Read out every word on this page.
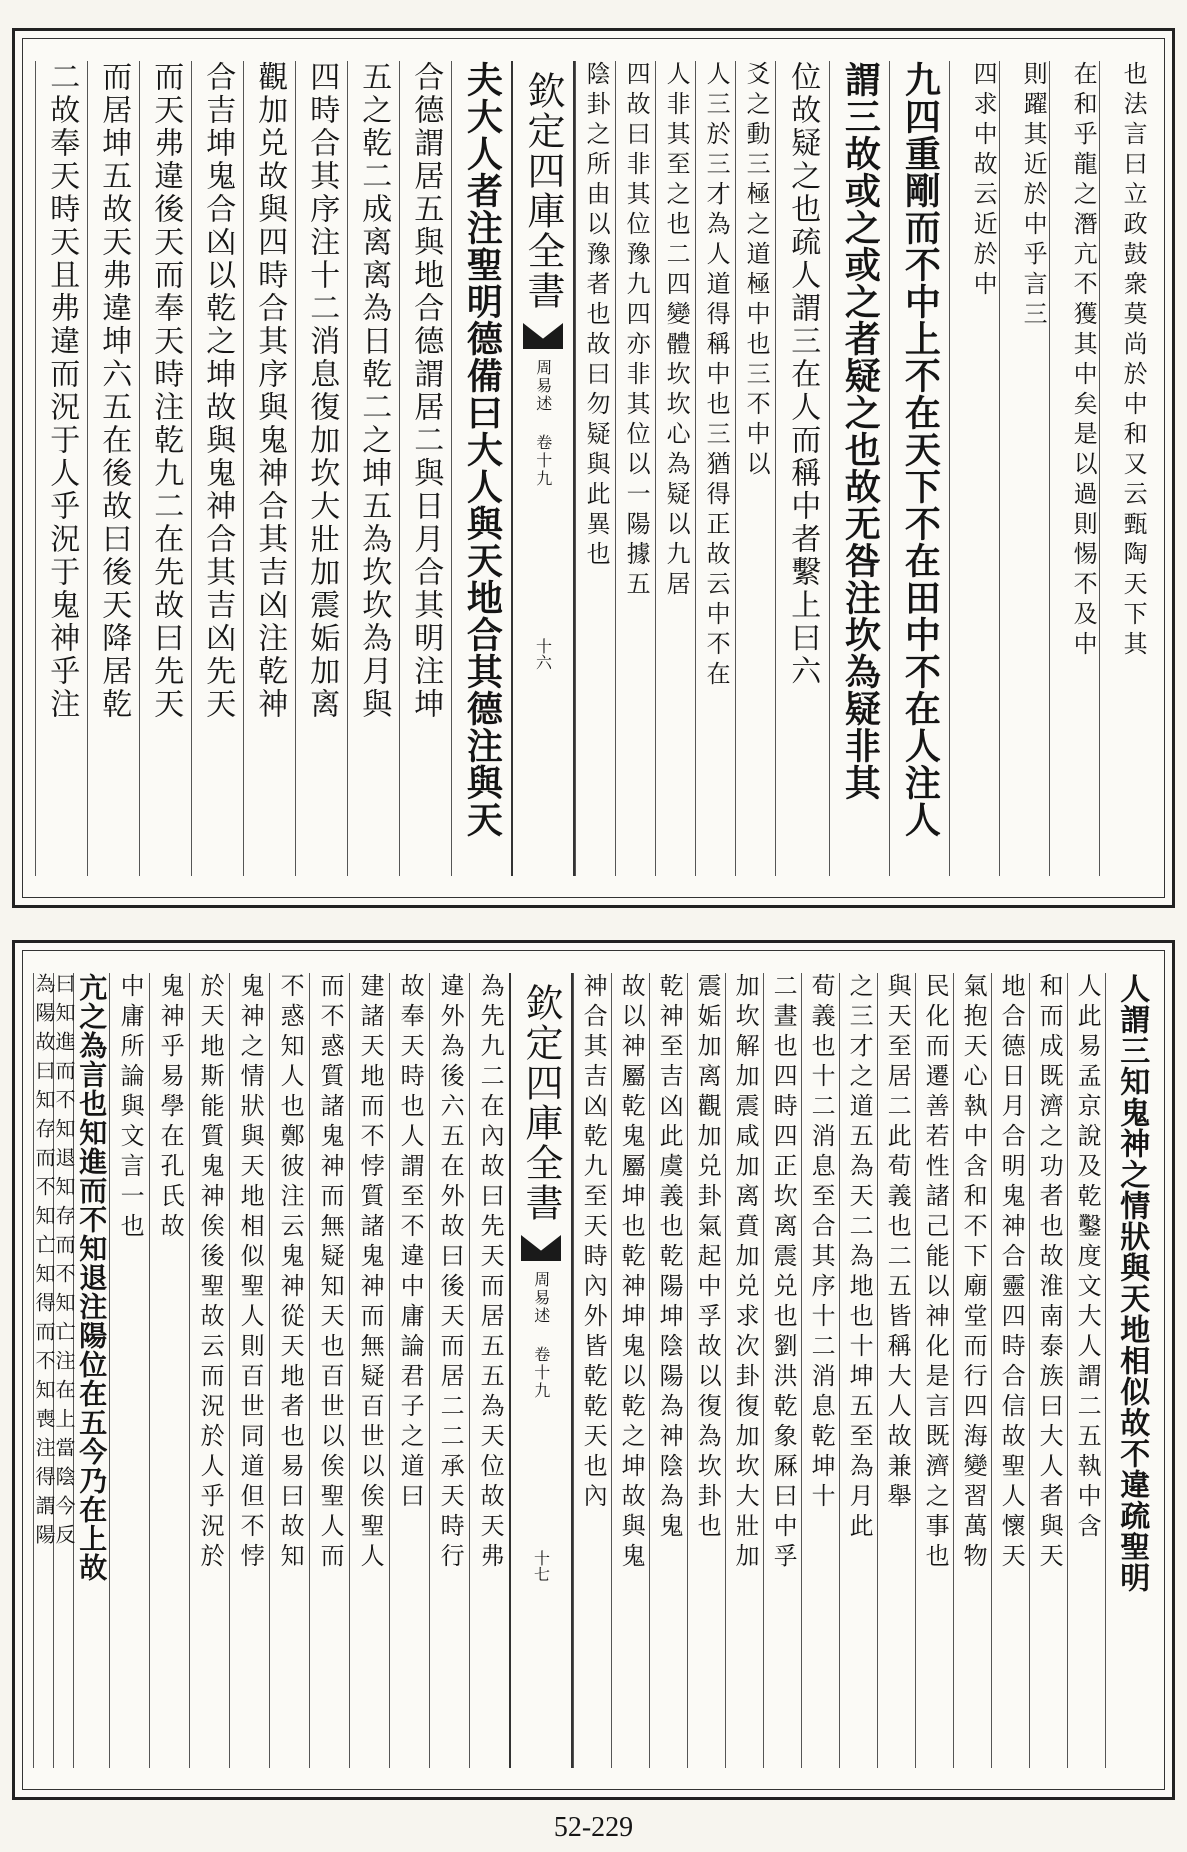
也法言曰立政鼓衆莫尚於中和又云甄陶天下其
在和乎龍之潛亢不獲其中矣是以過則惕不及中
則躍其近於中乎言三
四求中故云近於中
九四重剛而不中上不在天下不在田中不在人注人
謂三故或之或之者疑之也故无咎注坎為疑非其
位故疑之也疏人謂三在人而稱中者繫上曰六
爻之動三極之道極中也三不中以
人三於三才為人道得稱中也三猶得正故云中不在
人非其至之也二四變體坎坎心為疑以九居
四故曰非其位豫九四亦非其位以一陽據五
陰卦之所由以豫者也故曰勿疑與此異也
欽定四庫全書
周易述 卷十九
十六
夫大人者注聖明德備曰大人與天地合其德注與天
合德謂居五與地合德謂居二與日月合其明注坤
五之乾二成离离為日乾二之坤五為坎坎為月與
四時合其序注十二消息復加坎大壯加震姤加离
觀加兑故與四時合其序與鬼神合其吉凶注乾神
合吉坤鬼合凶以乾之坤故與鬼神合其吉凶先天
而天弗違後天而奉天時注乾九二在先故曰先天
而居坤五故天弗違坤六五在後故曰後天降居乾
二故奉天時天且弗違而況于人乎況于鬼神乎注
人謂三知鬼神之情狀與天地相似故不違疏聖明
人此易孟京說及乾鑿度文大人謂二五執中含
和而成既濟之功者也故淮南泰族曰大人者與天
地合德日月合明鬼神合靈四時合信故聖人懷天
氣抱天心執中含和不下廟堂而行四海變習萬物
民化而遷善若性諸己能以神化是言既濟之事也
與天至居二此荀義也二五皆稱大人故兼舉
之三才之道五為天二為地也十坤五至為月此
荀義也十二消息至合其序十二消息乾坤十
二晝也四時四正坎离震兑也劉洪乾象厤曰中孚
加坎解加震咸加离賁加兑求次卦復加坎大壯加
震姤加离觀加兑卦氣起中孚故以復為坎卦也
乾神至吉凶此虞義也乾陽坤陰陽為神陰為鬼
故以神屬乾鬼屬坤也乾神坤鬼以乾之坤故與鬼
神合其吉凶乾九至天時內外皆乾乾天也內
欽定四庫全書
周易述 卷十九
十七
為先九二在內故曰先天而居五五為天位故天弗
違外為後六五在外故曰後天而居二二承天時行
故奉天時也人謂至不違中庸論君子之道曰
建諸天地而不悖質諸鬼神而無疑百世以俟聖人
而不惑質諸鬼神而無疑知天也百世以俟聖人而
不惑知人也鄭彼注云鬼神從天地者也易曰故知
鬼神之情狀與天地相似聖人則百世同道但不悖
於天地斯能質鬼神俟後聖故云而況於人乎況於
鬼神乎易學在孔氏故
中庸所論與文言一也
亢之為言也知進而不知退注陽位在五今乃在上故
曰知進而不知退知存而不知亡注在上當陰今反
為陽故曰知存而不知亡知得而不知喪注得謂陽
52-229
